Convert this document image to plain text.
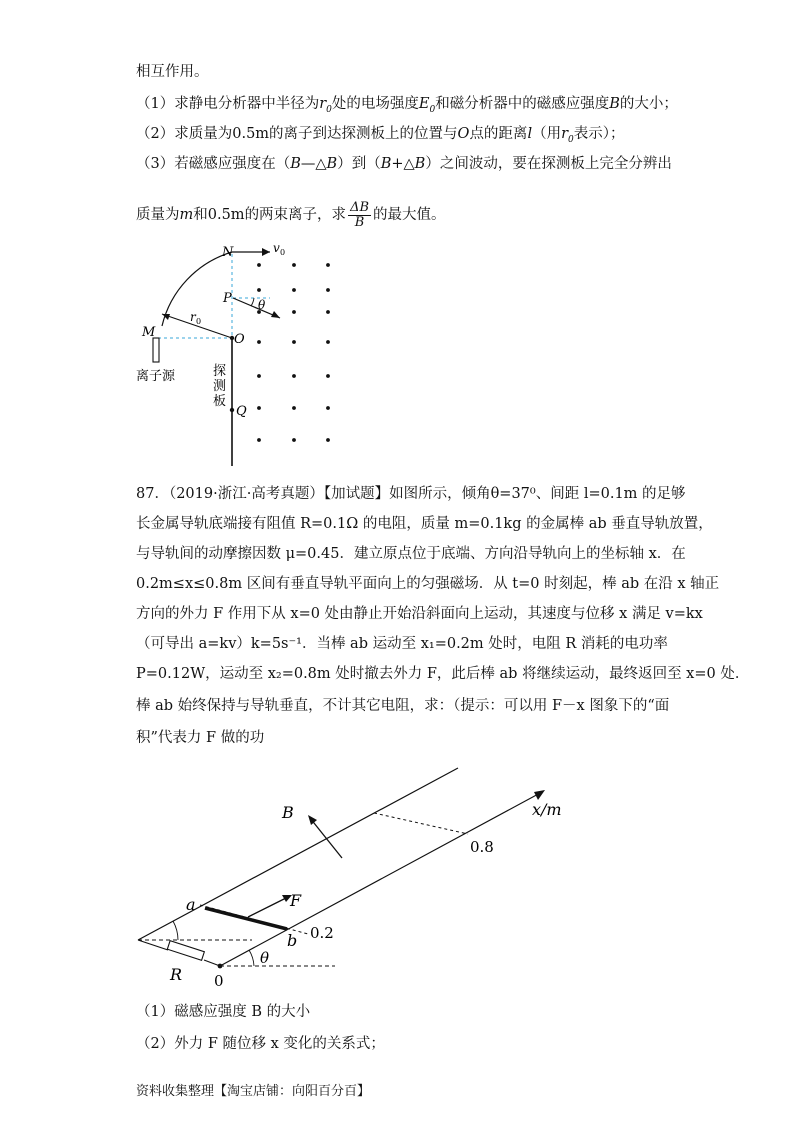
相互作用。
（1）求静电分析器中半径为$r_0$处的电场强度$E_0$和磁分析器中的磁感应强度B的大小；
（2）求质量为0.5m的离子到达探测板上的位置与O点的距离l（用$r_0$表示）；
（3）若磁感应强度在（B—△B）到（B+△B）之间波动，要在探测板上完全分辨出
质量为m和0.5m的两束离子，求 $\frac{\Delta B}{B}$ 的最大值。
N	v 0
P θ
r 0
M	O
离子源	探
测
板
Q
87．（2019·浙江·高考真题）【加试题】如图所示，倾角θ=37⁰、间距 l=0.1m 的足够
长金属导轨底端接有阻值 R=0.1Ω 的电阻，质量 m=0.1kg 的金属棒 ab 垂直导轨放置，
与导轨间的动摩擦因数 μ=0.45．建立原点位于底端、方向沿导轨向上的坐标轴 x．在
0.2m≤x≤0.8m 区间有垂直导轨平面向上的匀强磁场．从 t=0 时刻起，棒 ab 在沿 x 轴正
方向的外力 F 作用下从 x=0 处由静止开始沿斜面向上运动，其速度与位移 x 满足 v=kx
（可导出 a=kv）k=5s⁻¹．当棒 ab 运动至 x₁=0.2m 处时，电阻 R 消耗的电功率
P=0.12W，运动至 x₂=0.8m 处时撤去外力 F，此后棒 ab 将继续运动，最终返回至 x=0 处．
棒 ab 始终保持与导轨垂直，不计其它电阻，求：（提示：可以用 F－x 图象下的“面
积”代表力 F 做的功
B	x/m
0.8
a	F
b 0.2
R
θ
0
（1）磁感应强度 B 的大小
（2）外力 F 随位移 x 变化的关系式；
资料收集整理【淘宝店铺：向阳百分百】
